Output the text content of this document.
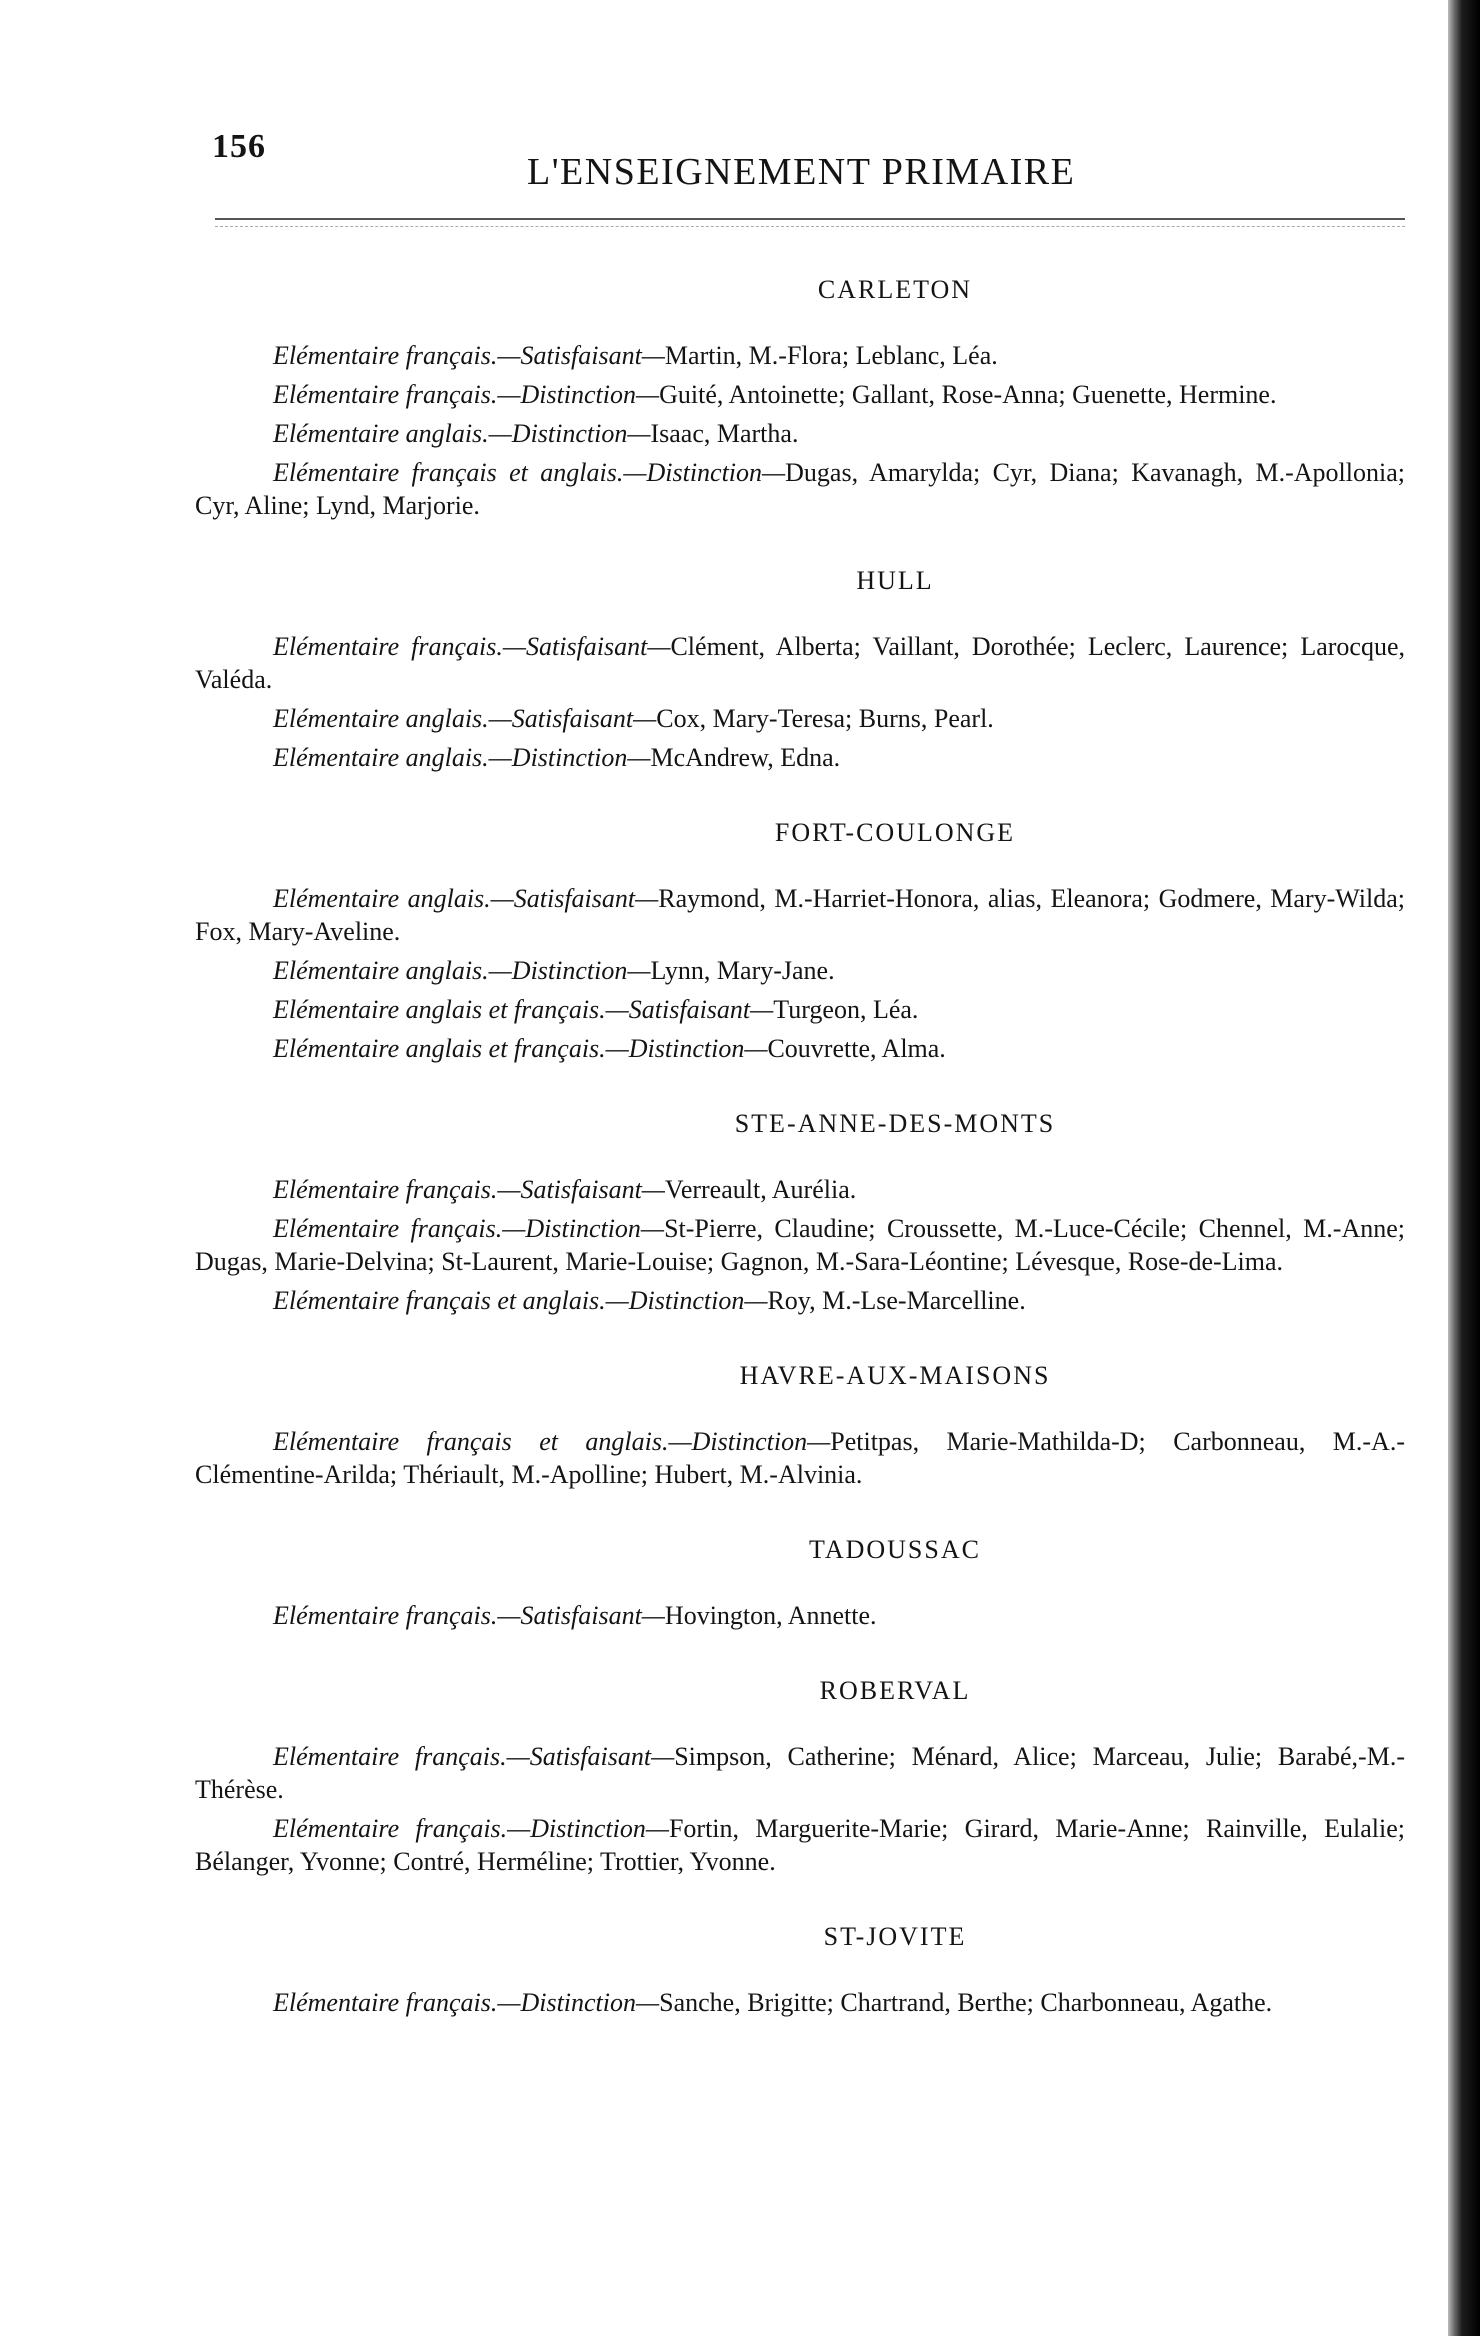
156
L'ENSEIGNEMENT PRIMAIRE
CARLETON

Elémentaire français.—Satisfaisant—Martin, M.-Flora; Leblanc, Léa.

Elémentaire français.—Distinction—Guité, Antoinette; Gallant, Rose-Anna; Guenette, Hermine.

Elémentaire anglais.—Distinction—Isaac, Martha.

Elémentaire français et anglais.—Distinction—Dugas, Amarylda; Cyr, Diana; Kavanagh, M.-Apollonia; Cyr, Aline; Lynd, Marjorie.

HULL

Elémentaire français.—Satisfaisant—Clément, Alberta; Vaillant, Dorothée; Leclerc, Laurence; Larocque, Valéda.

Elémentaire anglais.—Satisfaisant—Cox, Mary-Teresa; Burns, Pearl.

Elémentaire anglais.—Distinction—McAndrew, Edna.

FORT-COULONGE

Elémentaire anglais.—Satisfaisant—Raymond, M.-Harriet-Honora, alias, Eleanora; Godmere, Mary-Wilda; Fox, Mary-Aveline.

Elémentaire anglais.—Distinction—Lynn, Mary-Jane.

Elémentaire anglais et français.—Satisfaisant—Turgeon, Léa.

Elémentaire anglais et français.—Distinction—Couvrette, Alma.

STE-ANNE-DES-MONTS

Elémentaire français.—Satisfaisant—Verreault, Aurélia.

Elémentaire français.—Distinction—St-Pierre, Claudine; Croussette, M.-Luce-Cécile; Chennel, M.-Anne; Dugas, Marie-Delvina; St-Laurent, Marie-Louise; Gagnon, M.-Sara-Léontine; Lévesque, Rose-de-Lima.

Elémentaire français et anglais.—Distinction—Roy, M.-Lse-Marcelline.

HAVRE-AUX-MAISONS

Elémentaire français et anglais.—Distinction—Petitpas, Marie-Mathilda-D; Carbonneau, M.-A.-Clémentine-Arilda; Thériault, M.-Apolline; Hubert, M.-Alvinia.

TADOUSSAC

Elémentaire français.—Satisfaisant—Hovington, Annette.

ROBERVAL

Elémentaire français.—Satisfaisant—Simpson, Catherine; Ménard, Alice; Marceau, Julie; Barabé,-M.-Thérèse.

Elémentaire français.—Distinction—Fortin, Marguerite-Marie; Girard, Marie-Anne; Rainville, Eulalie; Bélanger, Yvonne; Contré, Herméline; Trottier, Yvonne.

ST-JOVITE

Elémentaire français.—Distinction—Sanche, Brigitte; Chartrand, Berthe; Charbonneau, Agathe.
